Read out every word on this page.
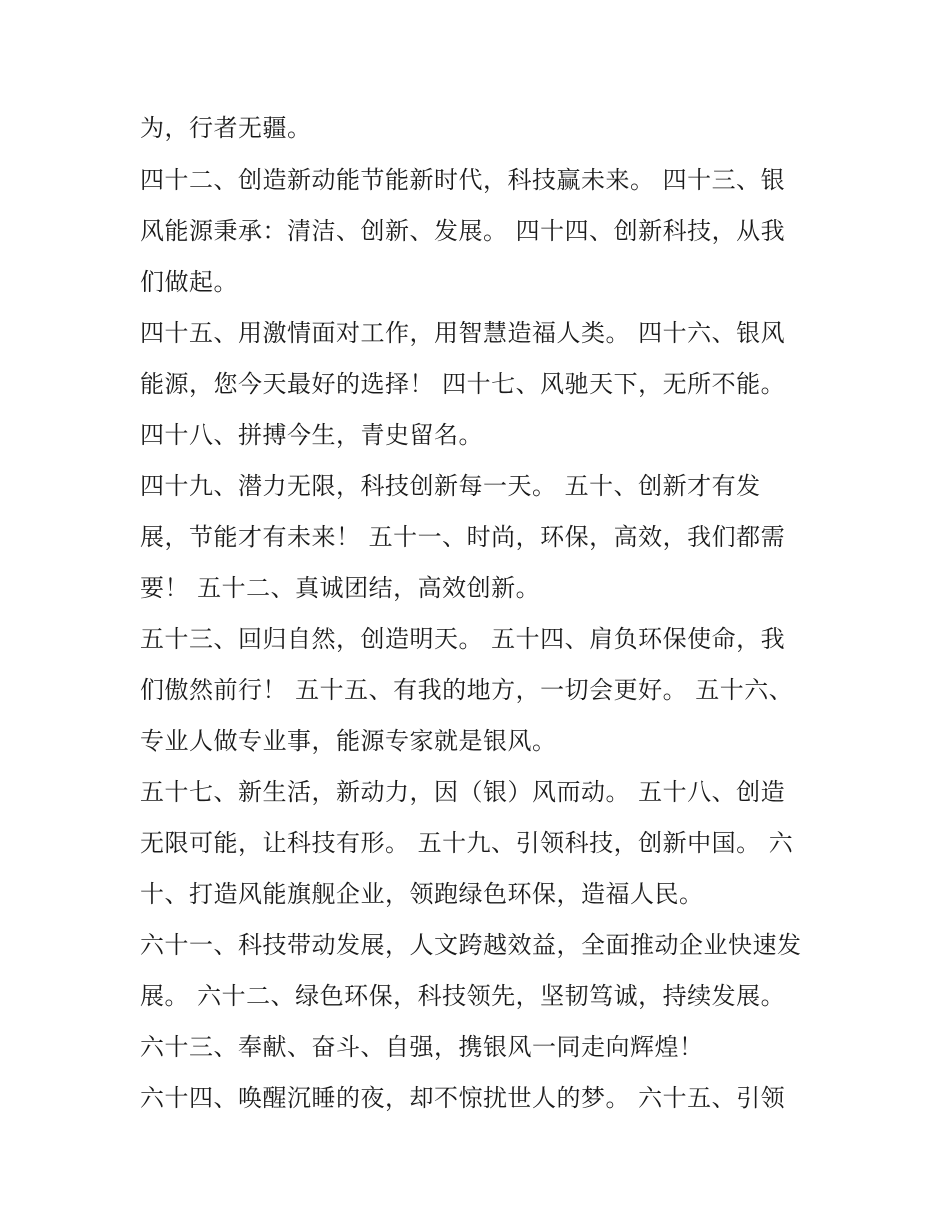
为，行者无疆。
四十二、创造新动能节能新时代，科技赢未来。 四十三、银
风能源秉承：清洁、创新、发展。 四十四、创新科技，从我
们做起。
四十五、用激情面对工作，用智慧造福人类。 四十六、银风
能源，您今天最好的选择！ 四十七、风驰天下，无所不能。
四十八、拼搏今生，青史留名。
四十九、潜力无限，科技创新每一天。 五十、创新才有发
展，节能才有未来！ 五十一、时尚，环保，高效，我们都需
要！ 五十二、真诚团结，高效创新。
五十三、回归自然，创造明天。 五十四、肩负环保使命，我
们傲然前行！ 五十五、有我的地方，一切会更好。 五十六、
专业人做专业事，能源专家就是银风。
五十七、新生活，新动力，因（银）风而动。 五十八、创造
无限可能，让科技有形。 五十九、引领科技，创新中国。 六
十、打造风能旗舰企业，领跑绿色环保，造福人民。
六十一、科技带动发展，人文跨越效益，全面推动企业快速发
展。 六十二、绿色环保，科技领先，坚韧笃诚，持续发展。
六十三、奉献、奋斗、自强，携银风一同走向辉煌！
六十四、唤醒沉睡的夜，却不惊扰世人的梦。 六十五、引领
